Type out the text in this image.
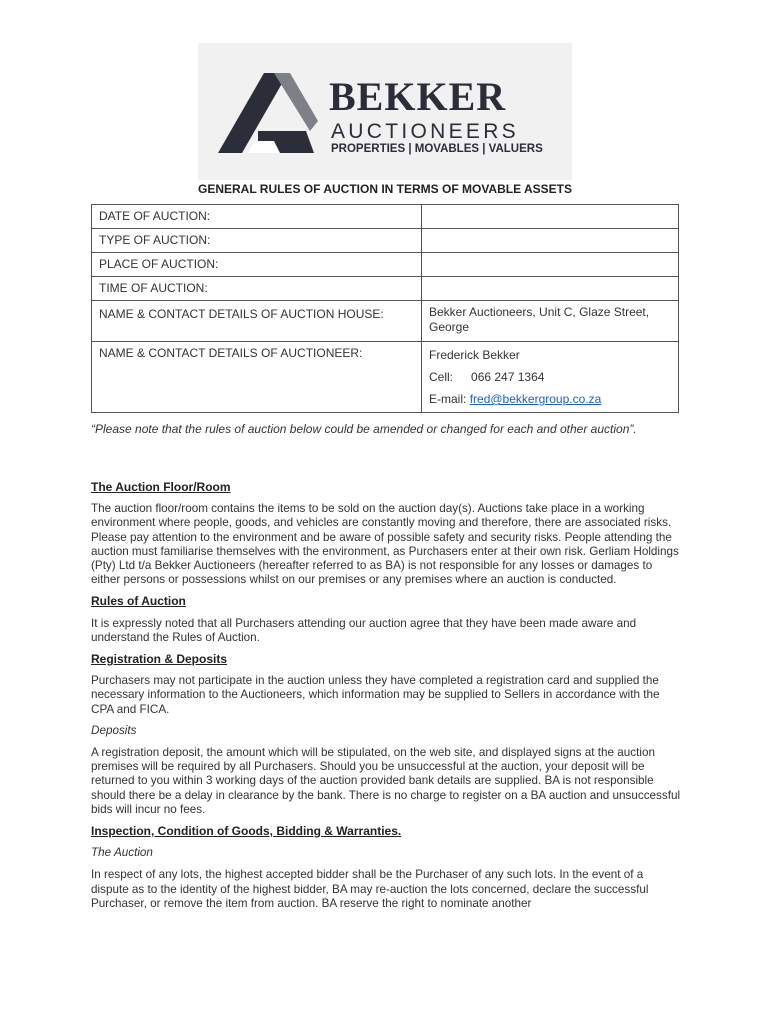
BEKKER
AUCTIONEERS
PROPERTIES | MOVABLES | VALUERS
GENERAL RULES OF AUCTION IN TERMS OF MOVABLE ASSETS
DATE OF AUCTION:	
TYPE OF AUCTION:	
PLACE OF AUCTION:	
TIME OF AUCTION:	
NAME & CONTACT DETAILS OF AUCTION HOUSE:	Bekker Auctioneers, Unit C, Glaze Street,
George

NAME & CONTACT DETAILS OF AUCTIONEER:	Frederick Bekker
Cell: 066 247 1364
E-mail: fred@bekkergroup.co.za
“Please note that the rules of auction below could be amended or changed for each and other auction”.
The Auction Floor/Room

The auction floor/room contains the items to be sold on the auction day(s). Auctions take place in a working environment where people, goods, and vehicles are constantly moving and therefore, there are associated risks. Please pay attention to the environment and be aware of possible safety and security risks. People attending the auction must familiarise themselves with the environment, as Purchasers enter at their own risk. Gerliam Holdings (Pty) Ltd t/a Bekker Auctioneers (hereafter referred to as BA) is not responsible for any losses or damages to either persons or possessions whilst on our premises or any premises where an auction is conducted.

Rules of Auction

It is expressly noted that all Purchasers attending our auction agree that they have been made aware and understand the Rules of Auction.

Registration & Deposits

Purchasers may not participate in the auction unless they have completed a registration card and supplied the necessary information to the Auctioneers, which information may be supplied to Sellers in accordance with the CPA and FICA.

Deposits

A registration deposit, the amount which will be stipulated, on the web site, and displayed signs at the auction premises will be required by all Purchasers. Should you be unsuccessful at the auction, your deposit will be returned to you within 3 working days of the auction provided bank details are supplied. BA is not responsible should there be a delay in clearance by the bank. There is no charge to register on a BA auction and unsuccessful bids will incur no fees.

Inspection, Condition of Goods, Bidding & Warranties.

The Auction

In respect of any lots, the highest accepted bidder shall be the Purchaser of any such lots. In the event of a dispute as to the identity of the highest bidder, BA may re-auction the lots concerned, declare the successful Purchaser, or remove the item from auction. BA reserve the right to nominate another
